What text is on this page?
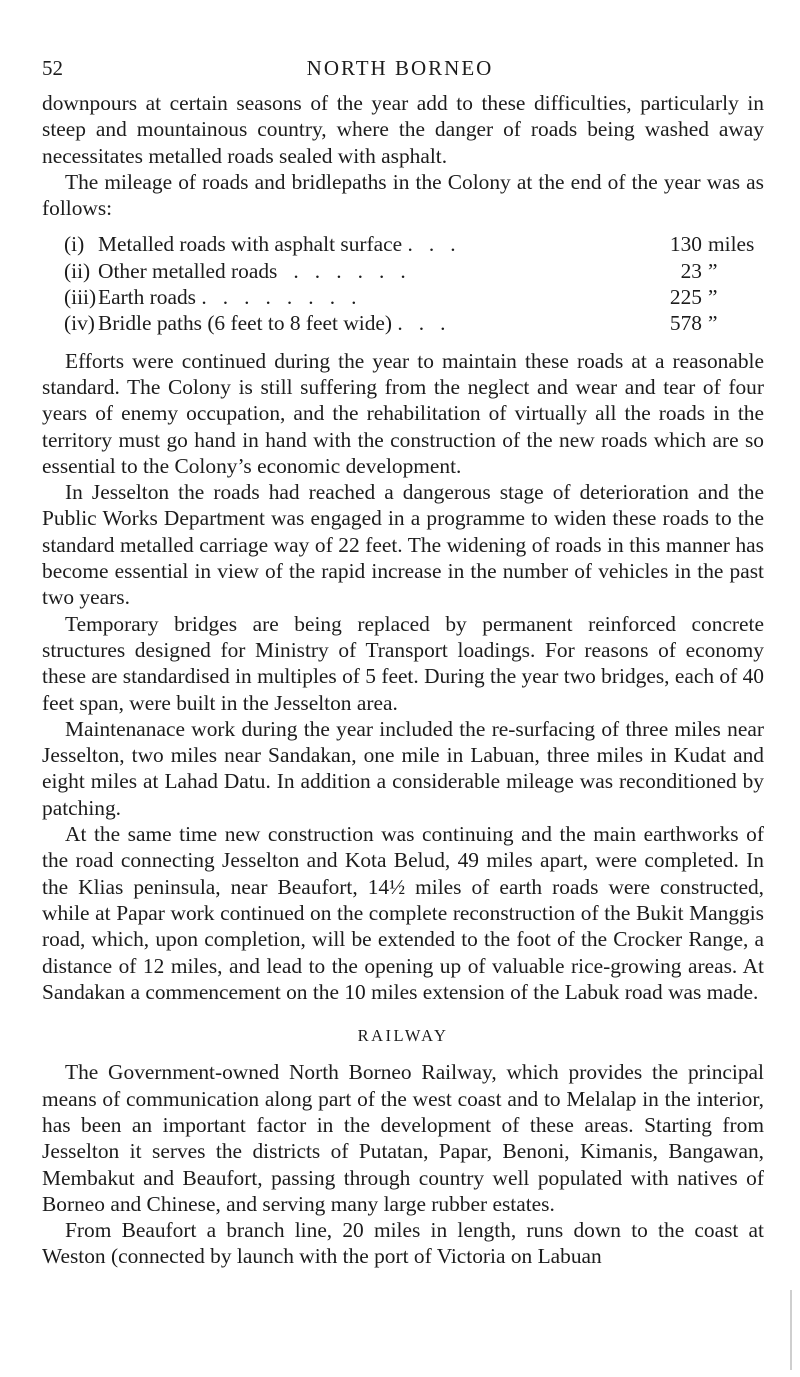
52	NORTH BORNEO

downpours at certain seasons of the year add to these difficulties, particularly in steep and mountainous country, where the danger of roads being washed away necessitates metalled roads sealed with asphalt.

The mileage of roads and bridlepaths in the Colony at the end of the year was as follows:

(i) Metalled roads with asphalt surface .   .   .	130 miles
(ii) Other metalled roads   .   .   .   .   .   .	23 ”
(iii) Earth roads .   .   .   .   .   .   .   .	225 ”
(iv) Bridle paths (6 feet to 8 feet wide) .   .   .	578 ”

Efforts were continued during the year to maintain these roads at a reasonable standard. The Colony is still suffering from the neglect and wear and tear of four years of enemy occupation, and the rehabilitation of virtually all the roads in the territory must go hand in hand with the construction of the new roads which are so essential to the Colony’s economic development.

In Jesselton the roads had reached a dangerous stage of deterioration and the Public Works Department was engaged in a programme to widen these roads to the standard metalled carriage way of 22 feet. The widening of roads in this manner has become essential in view of the rapid increase in the number of vehicles in the past two years.

Temporary bridges are being replaced by permanent reinforced concrete structures designed for Ministry of Transport loadings. For reasons of economy these are standardised in multiples of 5 feet. During the year two bridges, each of 40 feet span, were built in the Jesselton area.

Maintenanace work during the year included the re-surfacing of three miles near Jesselton, two miles near Sandakan, one mile in Labuan, three miles in Kudat and eight miles at Lahad Datu. In addition a considerable mileage was reconditioned by patching.

At the same time new construction was continuing and the main earthworks of the road connecting Jesselton and Kota Belud, 49 miles apart, were completed. In the Klias peninsula, near Beaufort, 14½ miles of earth roads were constructed, while at Papar work continued on the complete reconstruction of the Bukit Manggis road, which, upon completion, will be extended to the foot of the Crocker Range, a distance of 12 miles, and lead to the opening up of valuable rice-growing areas. At Sandakan a commencement on the 10 miles extension of the Labuk road was made.

RAILWAY

The Government-owned North Borneo Railway, which provides the principal means of communication along part of the west coast and to Melalap in the interior, has been an important factor in the development of these areas. Starting from Jesselton it serves the districts of Putatan, Papar, Benoni, Kimanis, Bangawan, Membakut and Beaufort, passing through country well populated with natives of Borneo and Chinese, and serving many large rubber estates.

From Beaufort a branch line, 20 miles in length, runs down to the coast at Weston (connected by launch with the port of Victoria on Labuan
